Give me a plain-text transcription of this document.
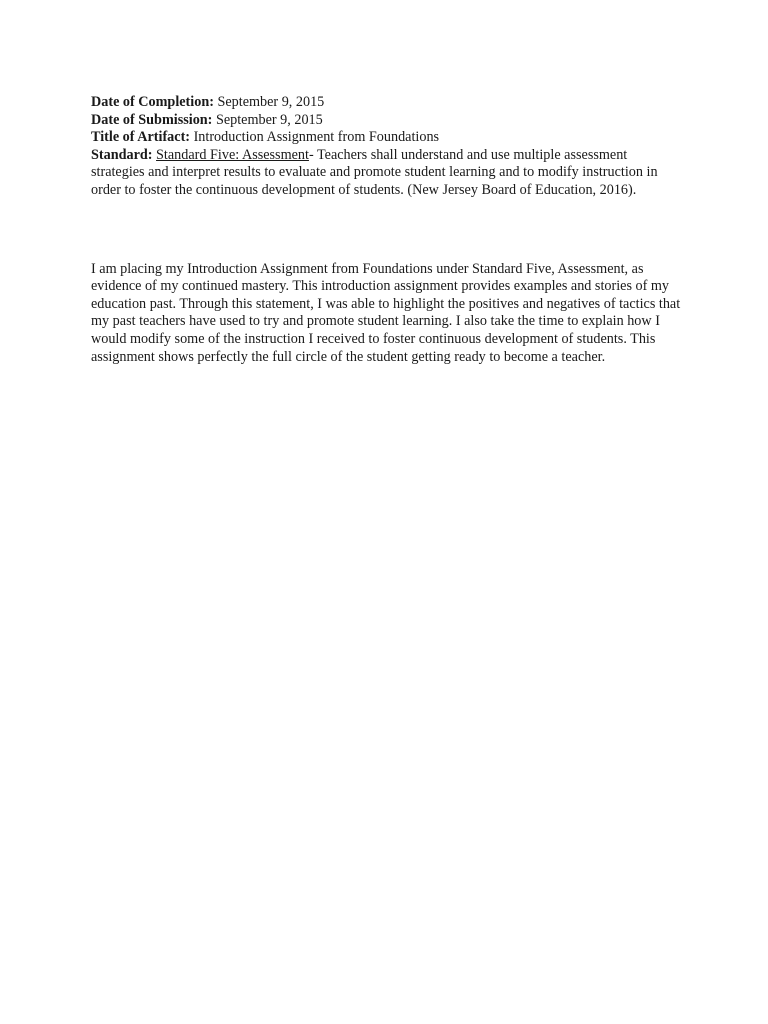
Date of Completion: September 9, 2015
Date of Submission: September 9, 2015
Title of Artifact: Introduction Assignment from Foundations
Standard: Standard Five: Assessment- Teachers shall understand and use multiple assessment strategies and interpret results to evaluate and promote student learning and to modify instruction in order to foster the continuous development of students. (New Jersey Board of Education, 2016).

I am placing my Introduction Assignment from Foundations under Standard Five, Assessment, as evidence of my continued mastery. This introduction assignment provides examples and stories of my education past. Through this statement, I was able to highlight the positives and negatives of tactics that my past teachers have used to try and promote student learning. I also take the time to explain how I would modify some of the instruction I received to foster continuous development of students. This assignment shows perfectly the full circle of the student getting ready to become a teacher.
